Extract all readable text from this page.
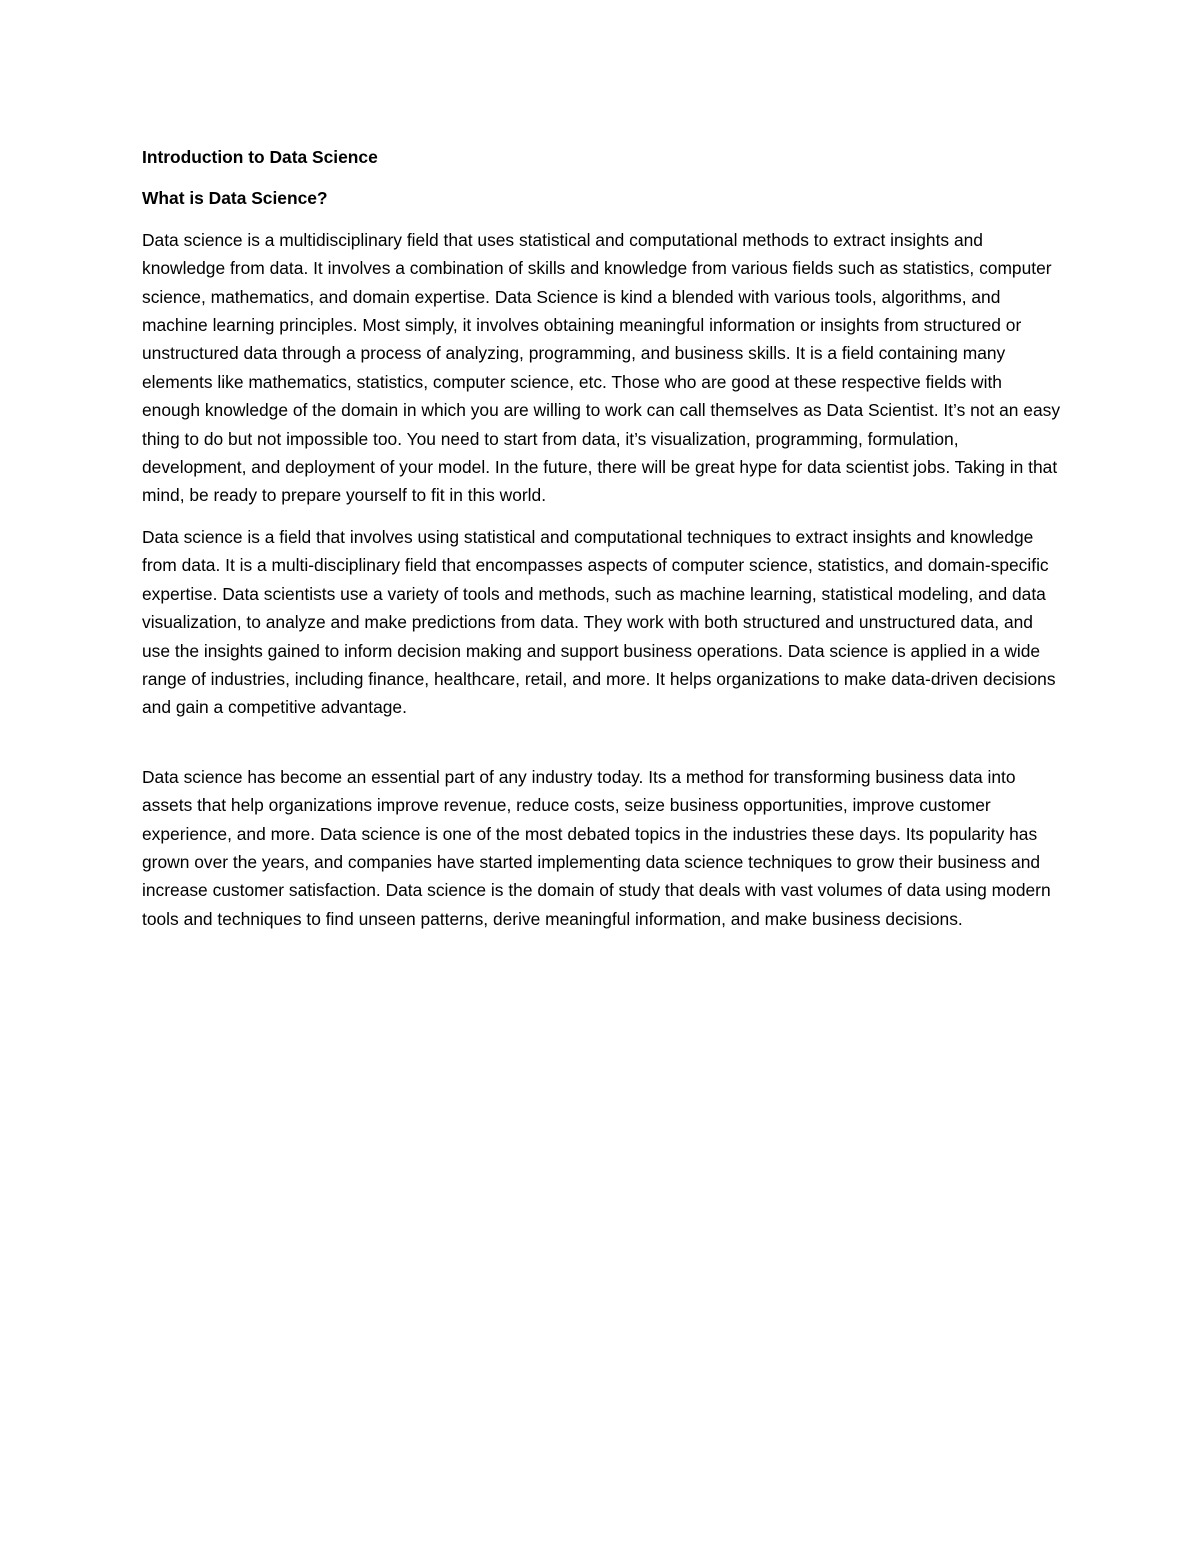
Introduction to Data Science

What is Data Science?

Data science is a multidisciplinary field that uses statistical and computational methods to extract insights and knowledge from data. It involves a combination of skills and knowledge from various fields such as statistics, computer science, mathematics, and domain expertise. Data Science is kind a blended with various tools, algorithms, and machine learning principles. Most simply, it involves obtaining meaningful information or insights from structured or unstructured data through a process of analyzing, programming, and business skills. It is a field containing many elements like mathematics, statistics, computer science, etc. Those who are good at these respective fields with enough knowledge of the domain in which you are willing to work can call themselves as Data Scientist. It’s not an easy thing to do but not impossible too. You need to start from data, it’s visualization, programming, formulation, development, and deployment of your model. In the future, there will be great hype for data scientist jobs. Taking in that mind, be ready to prepare yourself to fit in this world.

Data science is a field that involves using statistical and computational techniques to extract insights and knowledge from data. It is a multi-disciplinary field that encompasses aspects of computer science, statistics, and domain-specific expertise. Data scientists use a variety of tools and methods, such as machine learning, statistical modeling, and data visualization, to analyze and make predictions from data. They work with both structured and unstructured data, and use the insights gained to inform decision making and support business operations. Data science is applied in a wide range of industries, including finance, healthcare, retail, and more. It helps organizations to make data-driven decisions and gain a competitive advantage.

Data science has become an essential part of any industry today. Its a method for transforming business data into assets that help organizations improve revenue, reduce costs, seize business opportunities, improve customer experience, and more. Data science is one of the most debated topics in the industries these days. Its popularity has grown over the years, and companies have started implementing data science techniques to grow their business and increase customer satisfaction. Data science is the domain of study that deals with vast volumes of data using modern tools and techniques to find unseen patterns, derive meaningful information, and make business decisions.
